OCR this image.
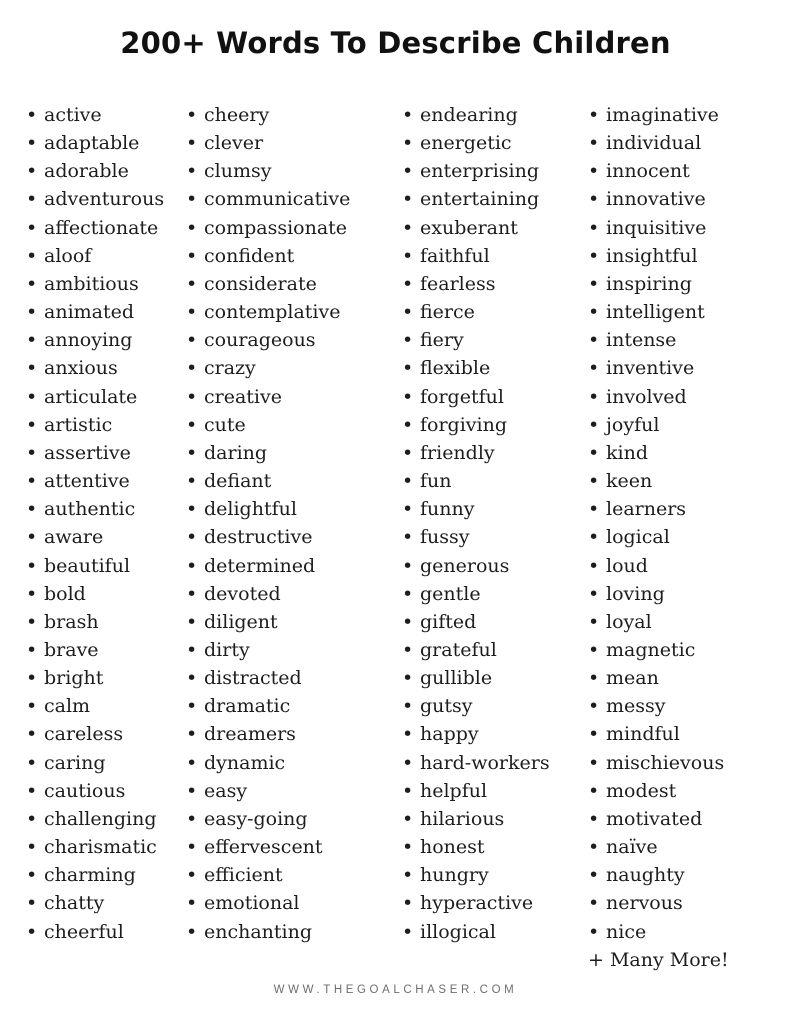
200+ Words To Describe Children
• active
• adaptable
• adorable
• adventurous
• affectionate
• aloof
• ambitious
• animated
• annoying
• anxious
• articulate
• artistic
• assertive
• attentive
• authentic
• aware
• beautiful
• bold
• brash
• brave
• bright
• calm
• careless
• caring
• cautious
• challenging
• charismatic
• charming
• chatty
• cheerful
• cheery
• clever
• clumsy
• communicative
• compassionate
• confident
• considerate
• contemplative
• courageous
• crazy
• creative
• cute
• daring
• defiant
• delightful
• destructive
• determined
• devoted
• diligent
• dirty
• distracted
• dramatic
• dreamers
• dynamic
• easy
• easy-going
• effervescent
• efficient
• emotional
• enchanting
• endearing
• energetic
• enterprising
• entertaining
• exuberant
• faithful
• fearless
• fierce
• fiery
• flexible
• forgetful
• forgiving
• friendly
• fun
• funny
• fussy
• generous
• gentle
• gifted
• grateful
• gullible
• gutsy
• happy
• hard-workers
• helpful
• hilarious
• honest
• hungry
• hyperactive
• illogical
• imaginative
• individual
• innocent
• innovative
• inquisitive
• insightful
• inspiring
• intelligent
• intense
• inventive
• involved
• joyful
• kind
• keen
• learners
• logical
• loud
• loving
• loyal
• magnetic
• mean
• messy
• mindful
• mischievous
• modest
• motivated
• naïve
• naughty
• nervous
• nice
+ Many More!
WWW.THEGOALCHASER.COM
